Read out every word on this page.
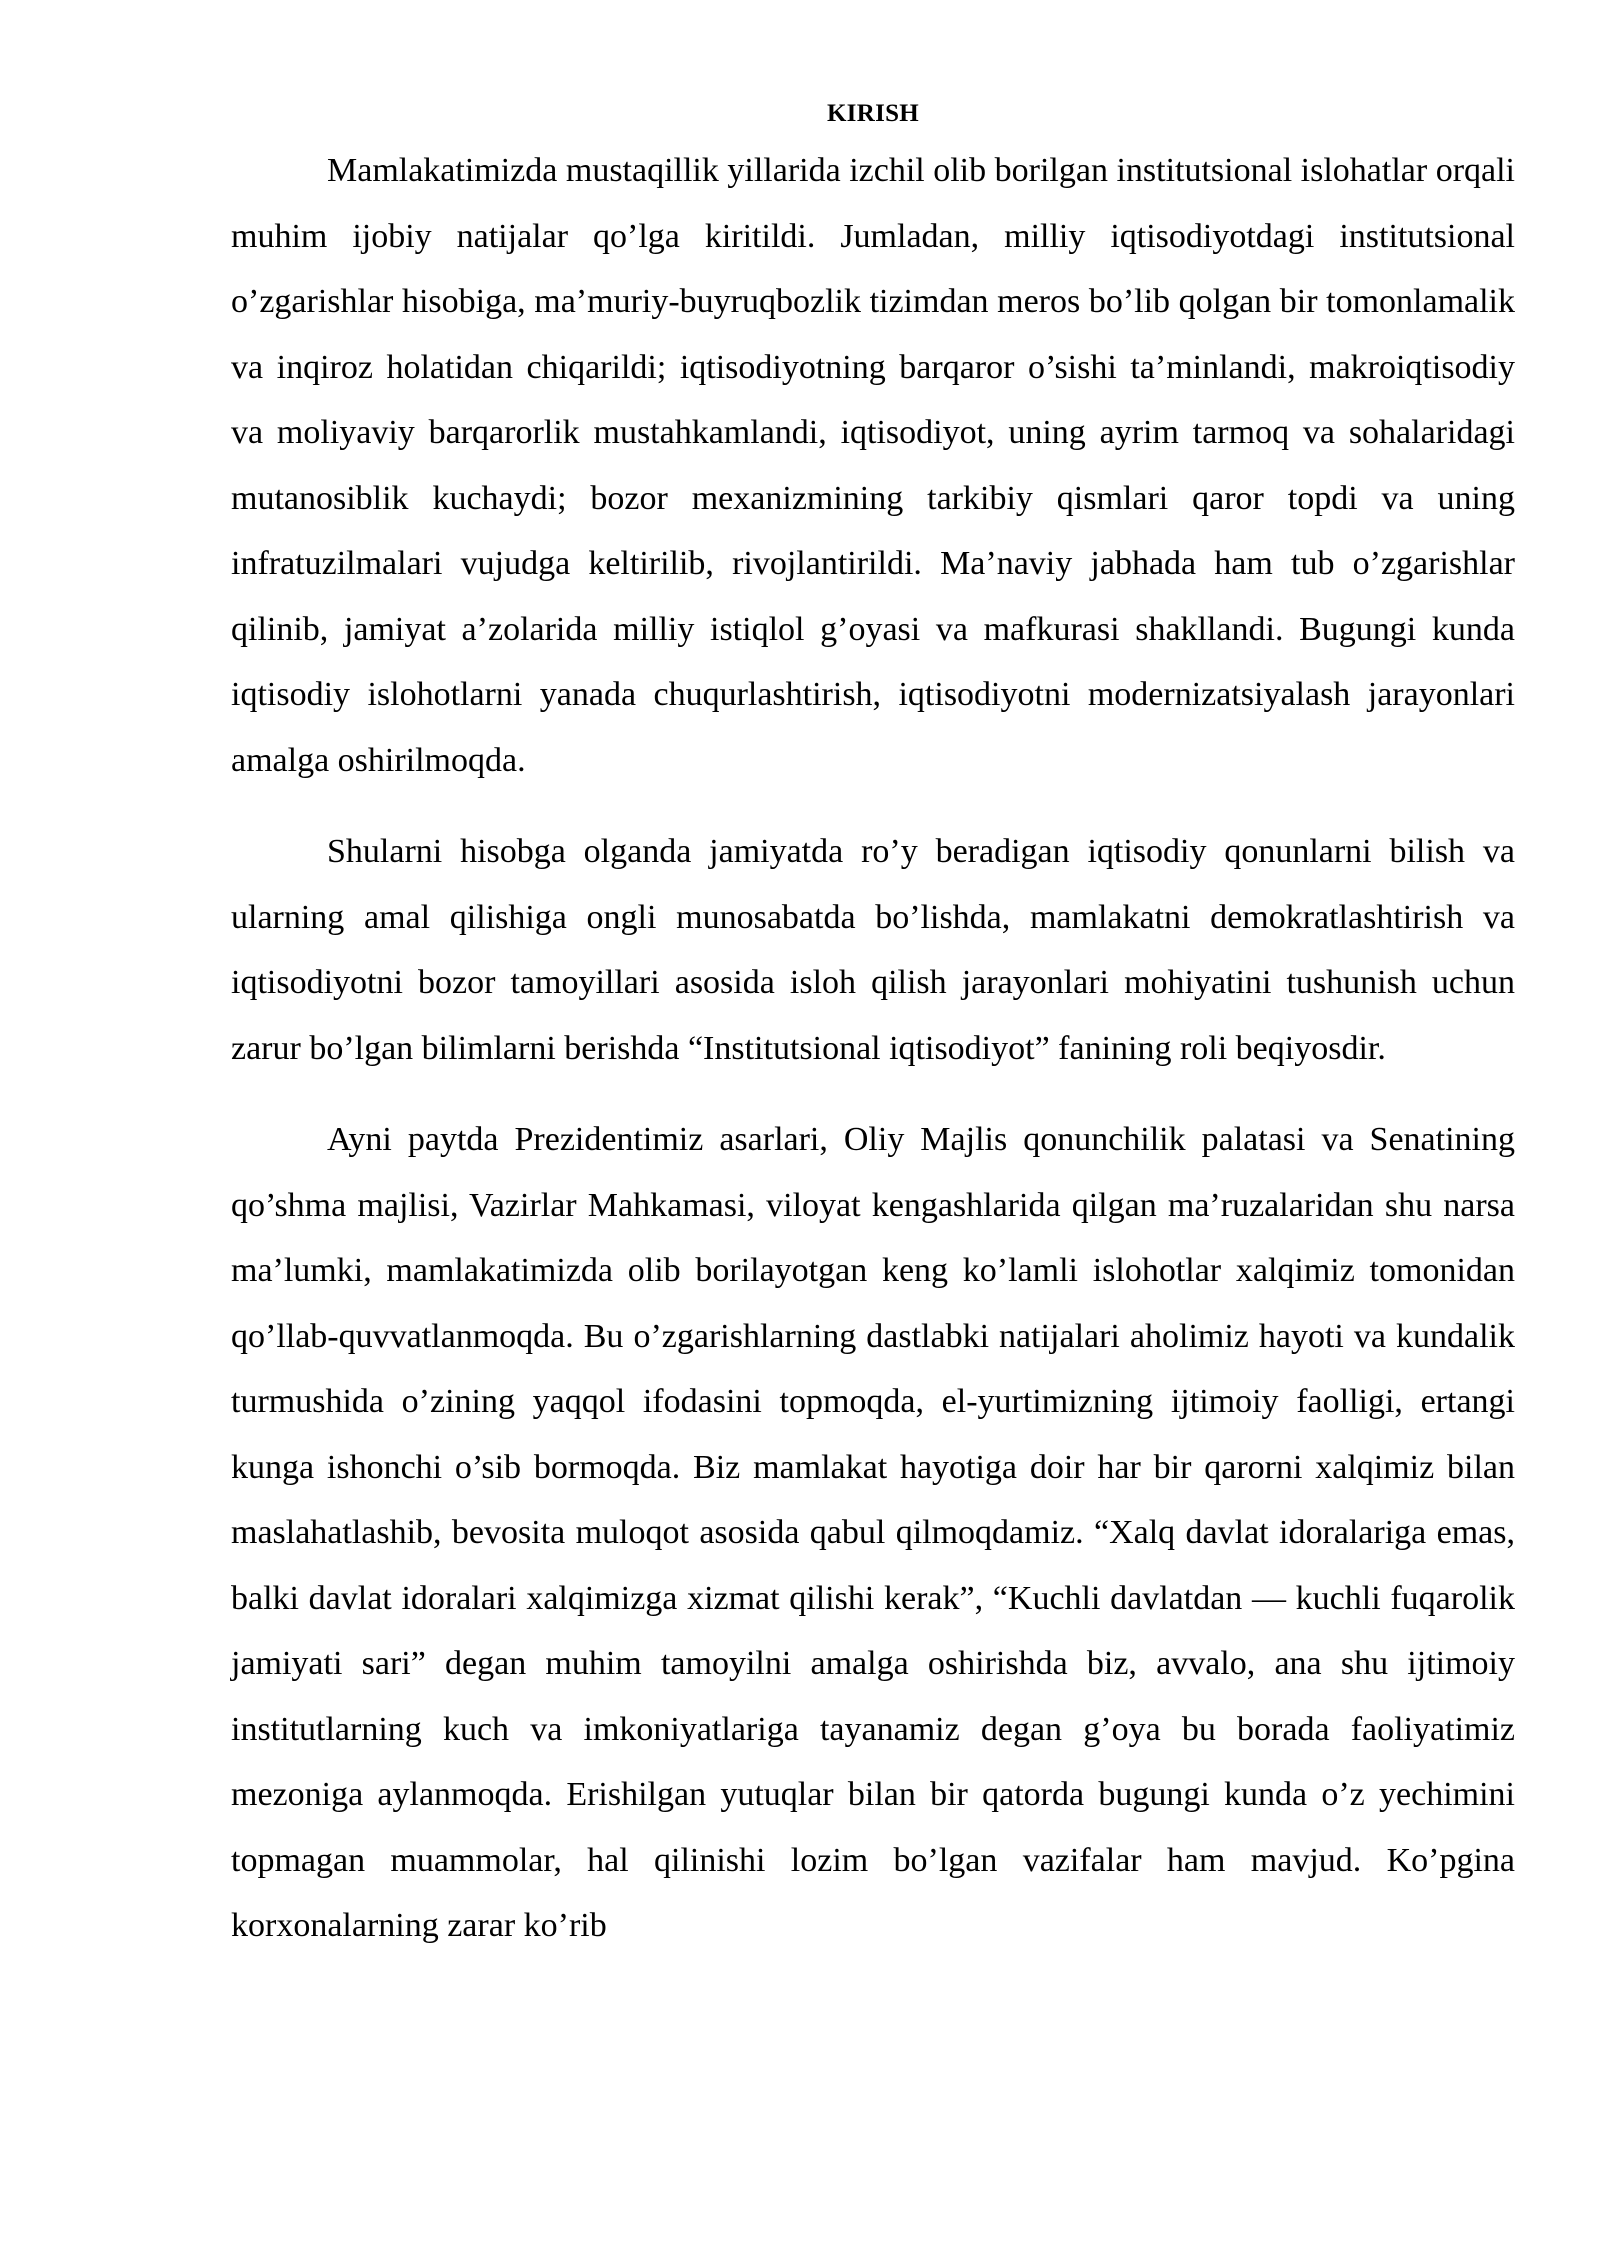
KIRISH

Mamlakatimizda mustaqillik yillarida izchil olib borilgan institutsional islohatlar orqali muhim ijobiy natijalar qo’lga kiritildi. Jumladan, milliy iqtisodiyotdagi institutsional o’zgarishlar hisobiga, ma’muriy-buyruqbozlik tizimdan meros bo’lib qolgan bir tomonlamalik va inqiroz holatidan chiqarildi; iqtisodiyotning barqaror o’sishi ta’minlandi, makroiqtisodiy va moliyaviy barqarorlik mustahkamlandi, iqtisodiyot, uning ayrim tarmoq va sohalaridagi mutanosiblik kuchaydi; bozor mexanizmining tarkibiy qismlari qaror topdi va uning infratuzilmalari vujudga keltirilib, rivojlantirildi. Ma’naviy jabhada ham tub o’zgarishlar qilinib, jamiyat a’zolarida milliy istiqlol g’oyasi va mafkurasi shakllandi. Bugungi kunda iqtisodiy islohotlarni yanada chuqurlashtirish, iqtisodiyotni modernizatsiyalash jarayonlari amalga oshirilmoqda.

Shularni hisobga olganda jamiyatda ro’y beradigan iqtisodiy qonunlarni bilish va ularning amal qilishiga ongli munosabatda bo’lishda, mamlakatni demokratlashtirish va iqtisodiyotni bozor tamoyillari asosida isloh qilish jarayonlari mohiyatini tushunish uchun zarur bo’lgan bilimlarni berishda “Institutsional iqtisodiyot” fanining roli beqiyosdir.

Ayni paytda Prezidentimiz asarlari, Oliy Majlis qonunchilik palatasi va Senatining qo’shma majlisi, Vazirlar Mahkamasi, viloyat kengashlarida qilgan ma’ruzalaridan shu narsa ma’lumki, mamlakatimizda olib borilayotgan keng ko’lamli islohotlar xalqimiz tomonidan qo’llab-quvvatlanmoqda. Bu o’zgarishlarning dastlabki natijalari aholimiz hayoti va kundalik turmushida o’zining yaqqol ifodasini topmoqda, el-yurtimizning ijtimoiy faolligi, ertangi kunga ishonchi o’sib bormoqda. Biz mamlakat hayotiga doir har bir qarorni xalqimiz bilan maslahatlashib, bevosita muloqot asosida qabul qilmoqdamiz. “Xalq davlat idoralariga emas, balki davlat idoralari xalqimizga xizmat qilishi kerak”, “Kuchli davlatdan — kuchli fuqarolik jamiyati sari” degan muhim tamoyilni amalga oshirishda biz, avvalo, ana shu ijtimoiy institutlarning kuch va imkoniyatlariga tayanamiz degan g’oya bu borada faoliyatimiz mezoniga aylanmoqda. Erishilgan yutuqlar bilan bir qatorda bugungi kunda o’z yechimini topmagan muammolar, hal qilinishi lozim bo’lgan vazifalar ham mavjud. Ko’pgina korxonalarning zarar ko’rib
